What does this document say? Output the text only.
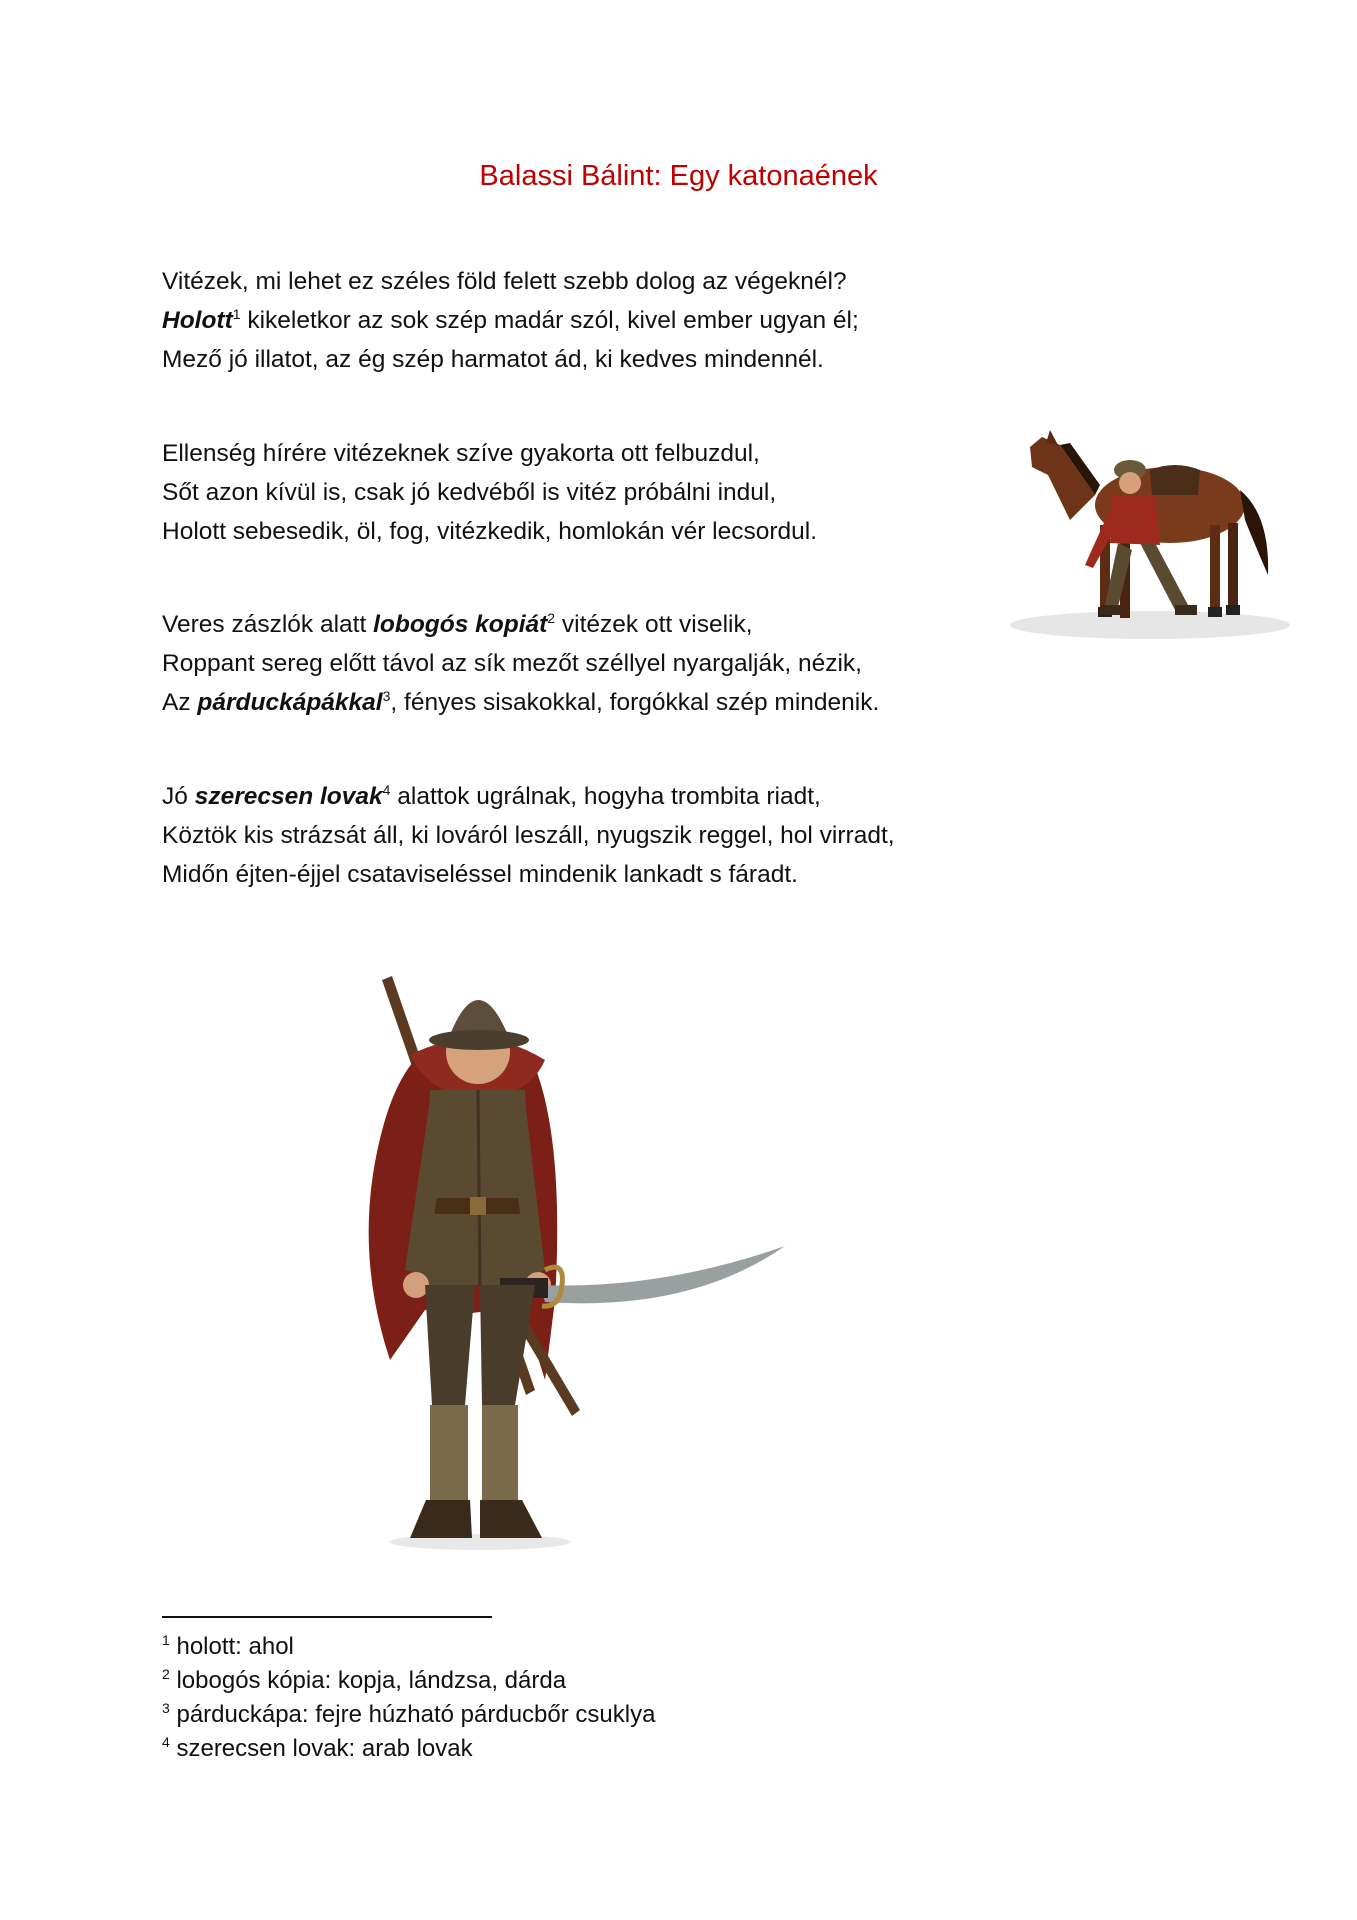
Balassi Bálint: Egy katonaének
Vitézek, mi lehet ez széles föld felett szebb dolog az végeknél?
Holott$^1$ kikeletkor az sok szép madár szól, kivel ember ugyan él;
Mező jó illatot, az ég szép harmatot ád, ki kedves mindennél.
Ellenség hírére vitézeknek szíve gyakorta ott felbuzdul,
Sőt azon kívül is, csak jó kedvéből is vitéz próbálni indul,
Holott sebesedik, öl, fog, vitézkedik, homlokán vér lecsordul.
Veres zászlók alatt lobogós kopiát$^2$ vitézek ott viselik,
Roppant sereg előtt távol az sík mezőt széllyel nyargalják, nézik,
Az párduckápákkal$^3$, fényes sisakokkal, forgókkal szép mindenik.
Jó szerecsen lovak$^4$ alattok ugrálnak, hogyha trombita riadt,
Köztök kis strázsát áll, ki lováról leszáll, nyugszik reggel, hol virradt,
Midőn éjten-éjjel csataviseléssel mindenik lankadt s fáradt.
$^1$ holott: ahol
$^2$ lobogós kópia: kopja, lándzsa, dárda
$^3$ párduckápa: fejre húzható párducbőr csuklya
$^4$ szerecsen lovak: arab lovak
